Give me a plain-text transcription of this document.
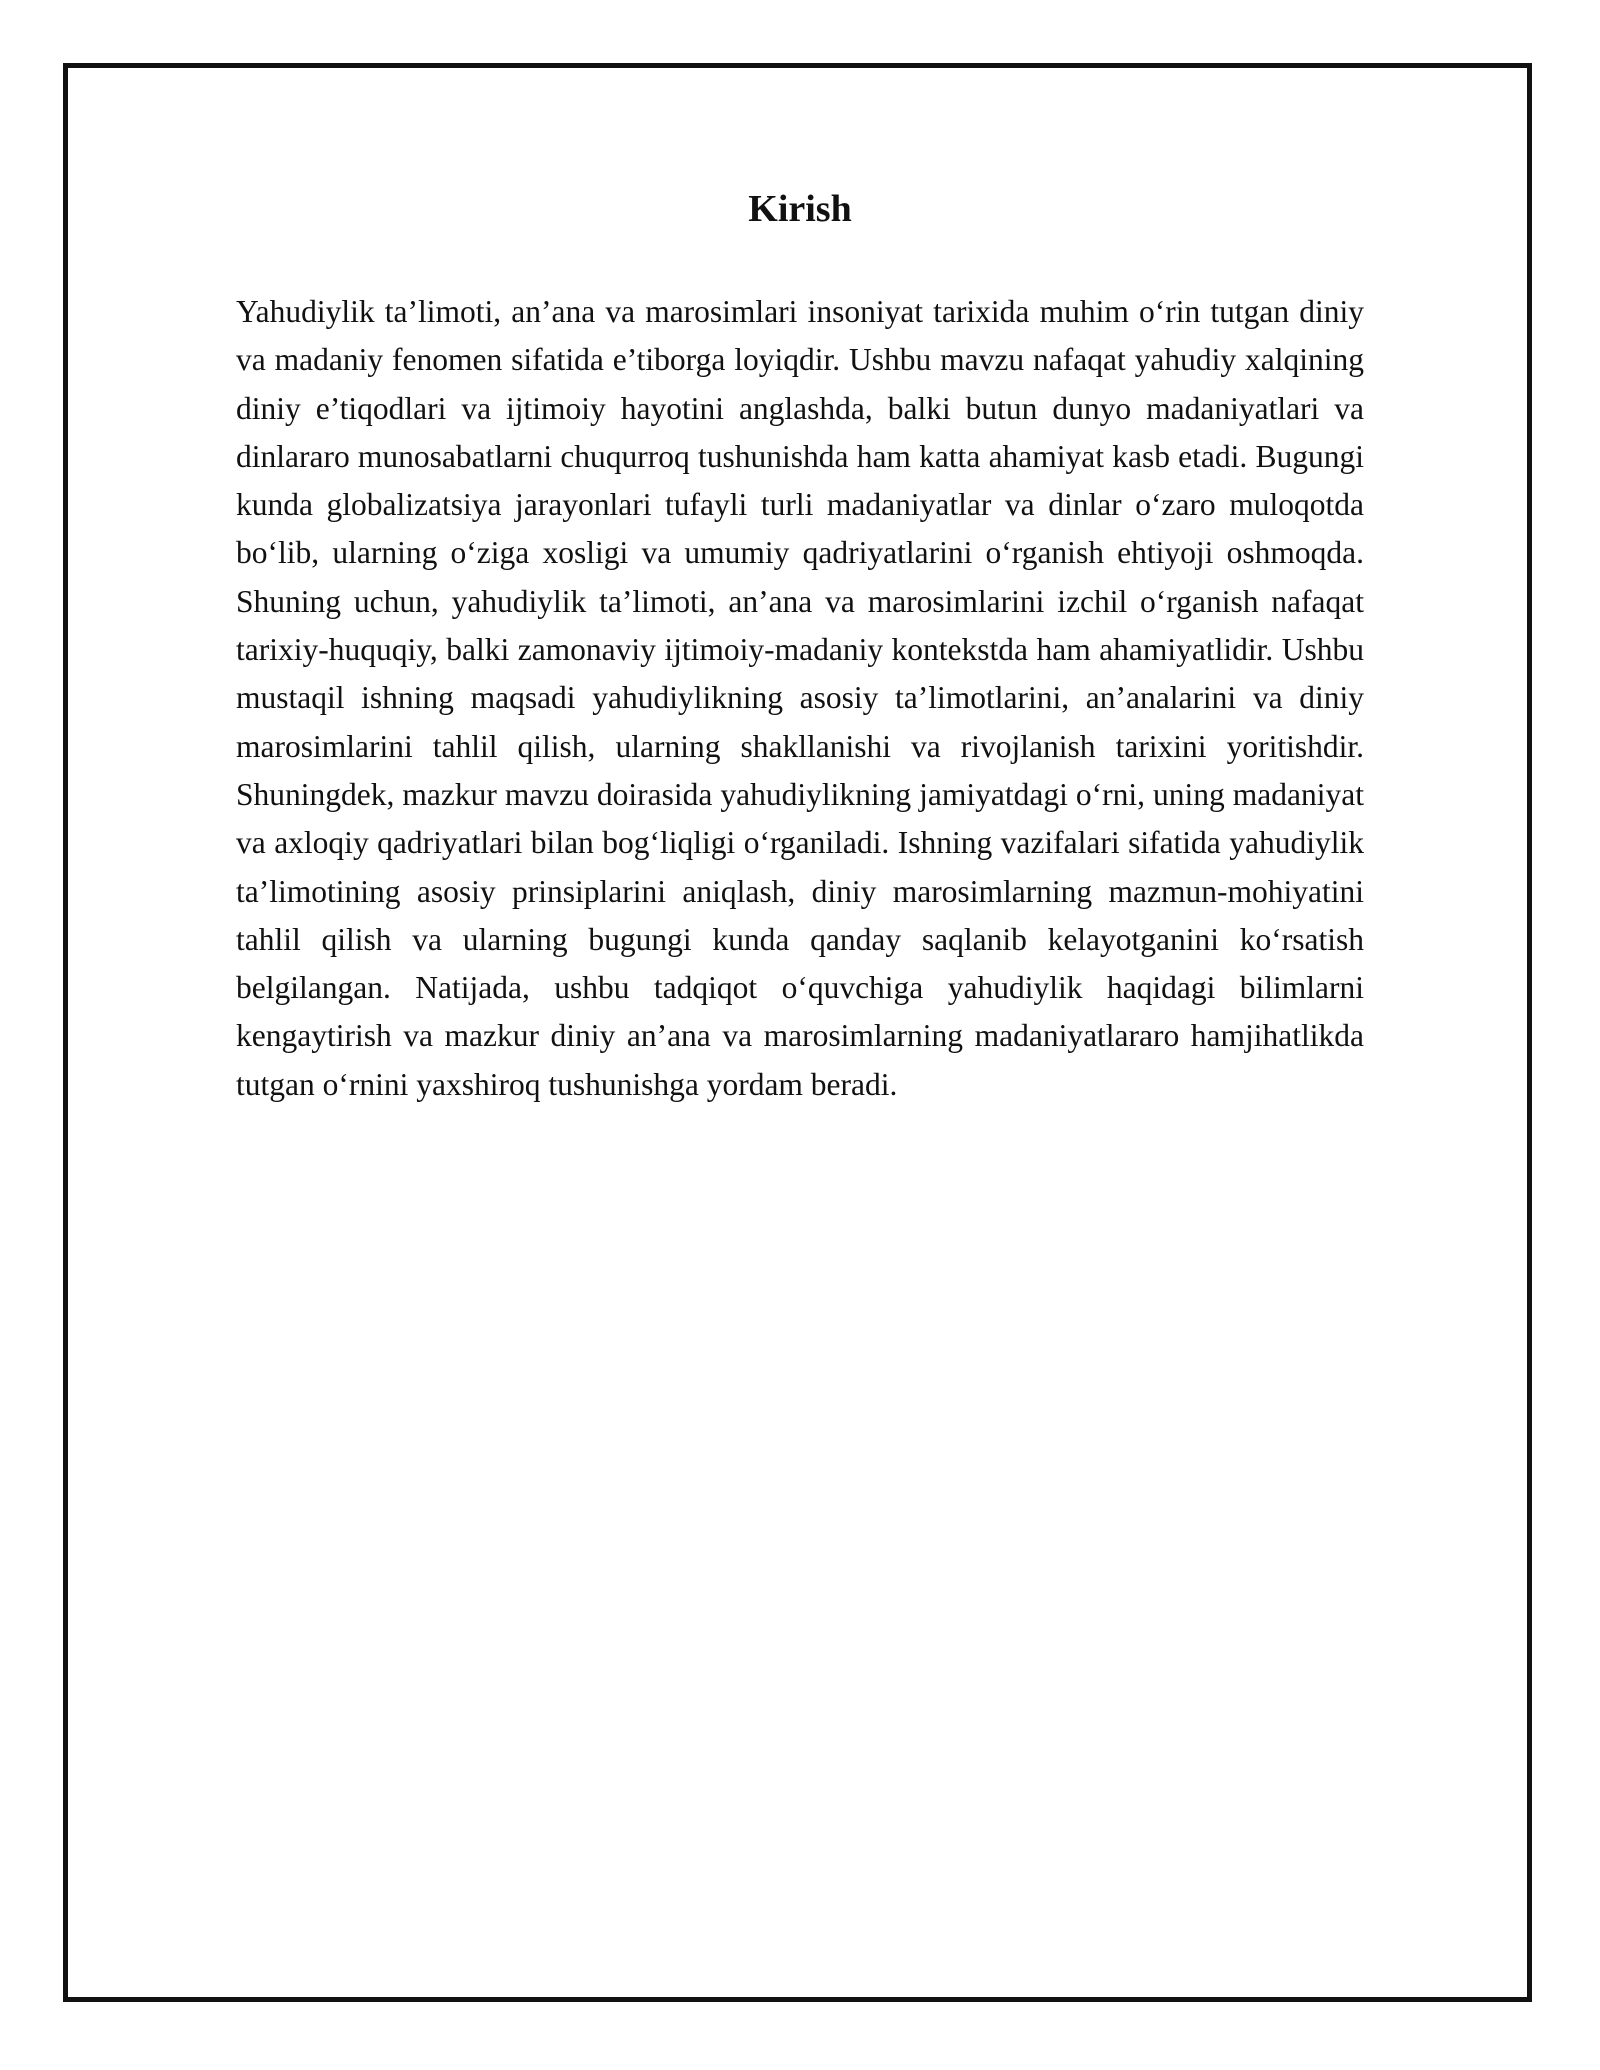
Kirish

Yahudiylik ta’limoti, an’ana va marosimlari insoniyat tarixida muhim o‘rin tutgan diniy va madaniy fenomen sifatida e’tiborga loyiqdir. Ushbu mavzu nafaqat yahudiy xalqining diniy e’tiqodlari va ijtimoiy hayotini anglashda, balki butun dunyo madaniyatlari va dinlararo munosabatlarni chuqurroq tushunishda ham katta ahamiyat kasb etadi. Bugungi kunda globalizatsiya jarayonlari tufayli turli madaniyatlar va dinlar o‘zaro muloqotda bo‘lib, ularning o‘ziga xosligi va umumiy qadriyatlarini o‘rganish ehtiyoji oshmoqda. Shuning uchun, yahudiylik ta’limoti, an’ana va marosimlarini izchil o‘rganish nafaqat tarixiy-huquqiy, balki zamonaviy ijtimoiy-madaniy kontekstda ham ahamiyatlidir. Ushbu mustaqil ishning maqsadi yahudiylikning asosiy ta’limotlarini, an’analarini va diniy marosimlarini tahlil qilish, ularning shakllanishi va rivojlanish tarixini yoritishdir. Shuningdek, mazkur mavzu doirasida yahudiylikning jamiyatdagi o‘rni, uning madaniyat va axloqiy qadriyatlari bilan bog‘liqligi o‘rganiladi. Ishning vazifalari sifatida yahudiylik ta’limotining asosiy prinsiplarini aniqlash, diniy marosimlarning mazmun-mohiyatini tahlil qilish va ularning bugungi kunda qanday saqlanib kelayotganini ko‘rsatish belgilangan. Natijada, ushbu tadqiqot o‘quvchiga yahudiylik haqidagi bilimlarni kengaytirish va mazkur diniy an’ana va marosimlarning madaniyatlararo hamjihatlikda tutgan o‘rnini yaxshiroq tushunishga yordam beradi.
